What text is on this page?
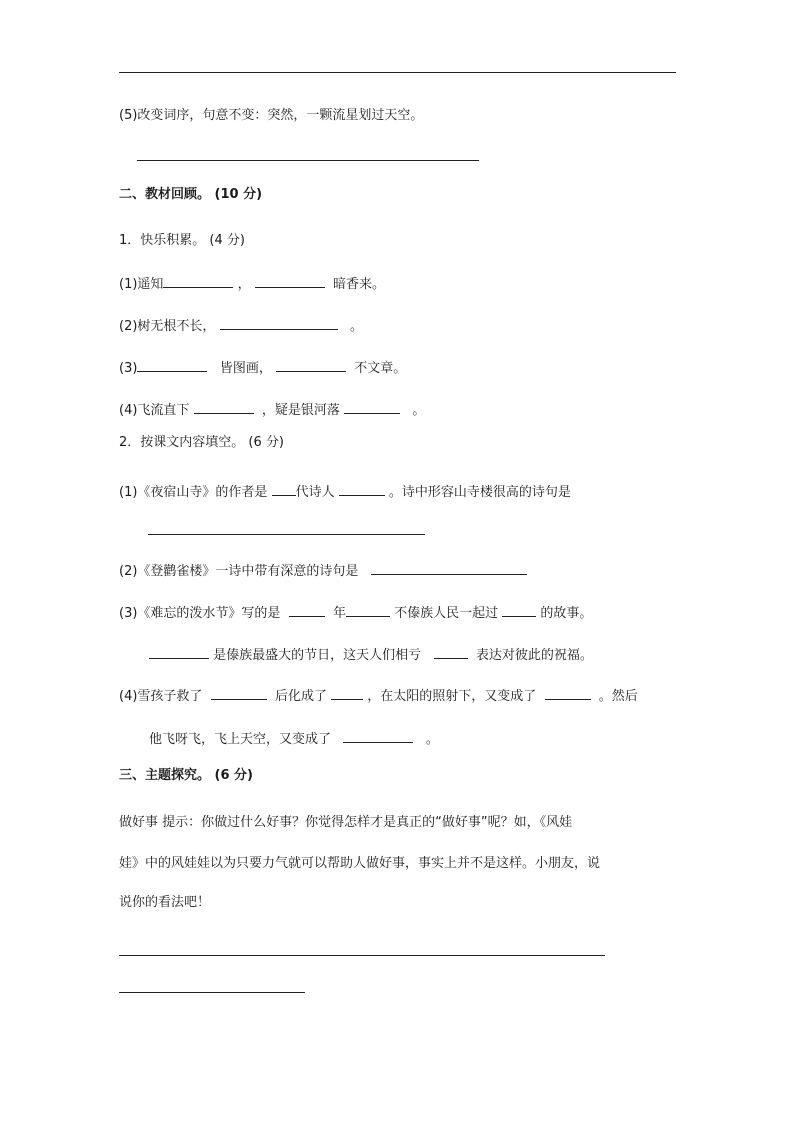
(5)改变词序，句意不变：突然，一颗流星划过天空。
二、教材回顾。 (10 分)
1．快乐积累。 (4 分)
(1)遥知	，	暗香来。
(2)树无根不长，	。
(3)	皆图画，	不文章。
(4)飞流直下	，疑是银河落	。
2．按课文内容填空。 (6 分)
(1)《夜宿山寺》的作者是 代诗人	。诗中形容山寺楼很高的诗句是
(2)《登鹳雀楼》一诗中带有深意的诗句是
(3)《难忘的泼水节》写的是	年	不傣族人民一起过	的故事。
是傣族最盛大的节日，这天人们相亏	表达对彼此的祝福。
(4)雪孩子救了	后化成了	，在太阳的照射下，又变成了	。然后
他飞呀飞，飞上天空，又变成了	。
三、主题探究。 (6 分)
做好事 提示：你做过什么好事？你觉得怎样才是真正的“做好事”呢？如，《风娃
娃》中的风娃娃以为只要力气就可以帮助人做好事，事实上并不是这样。小朋友，说
说你的看法吧！
